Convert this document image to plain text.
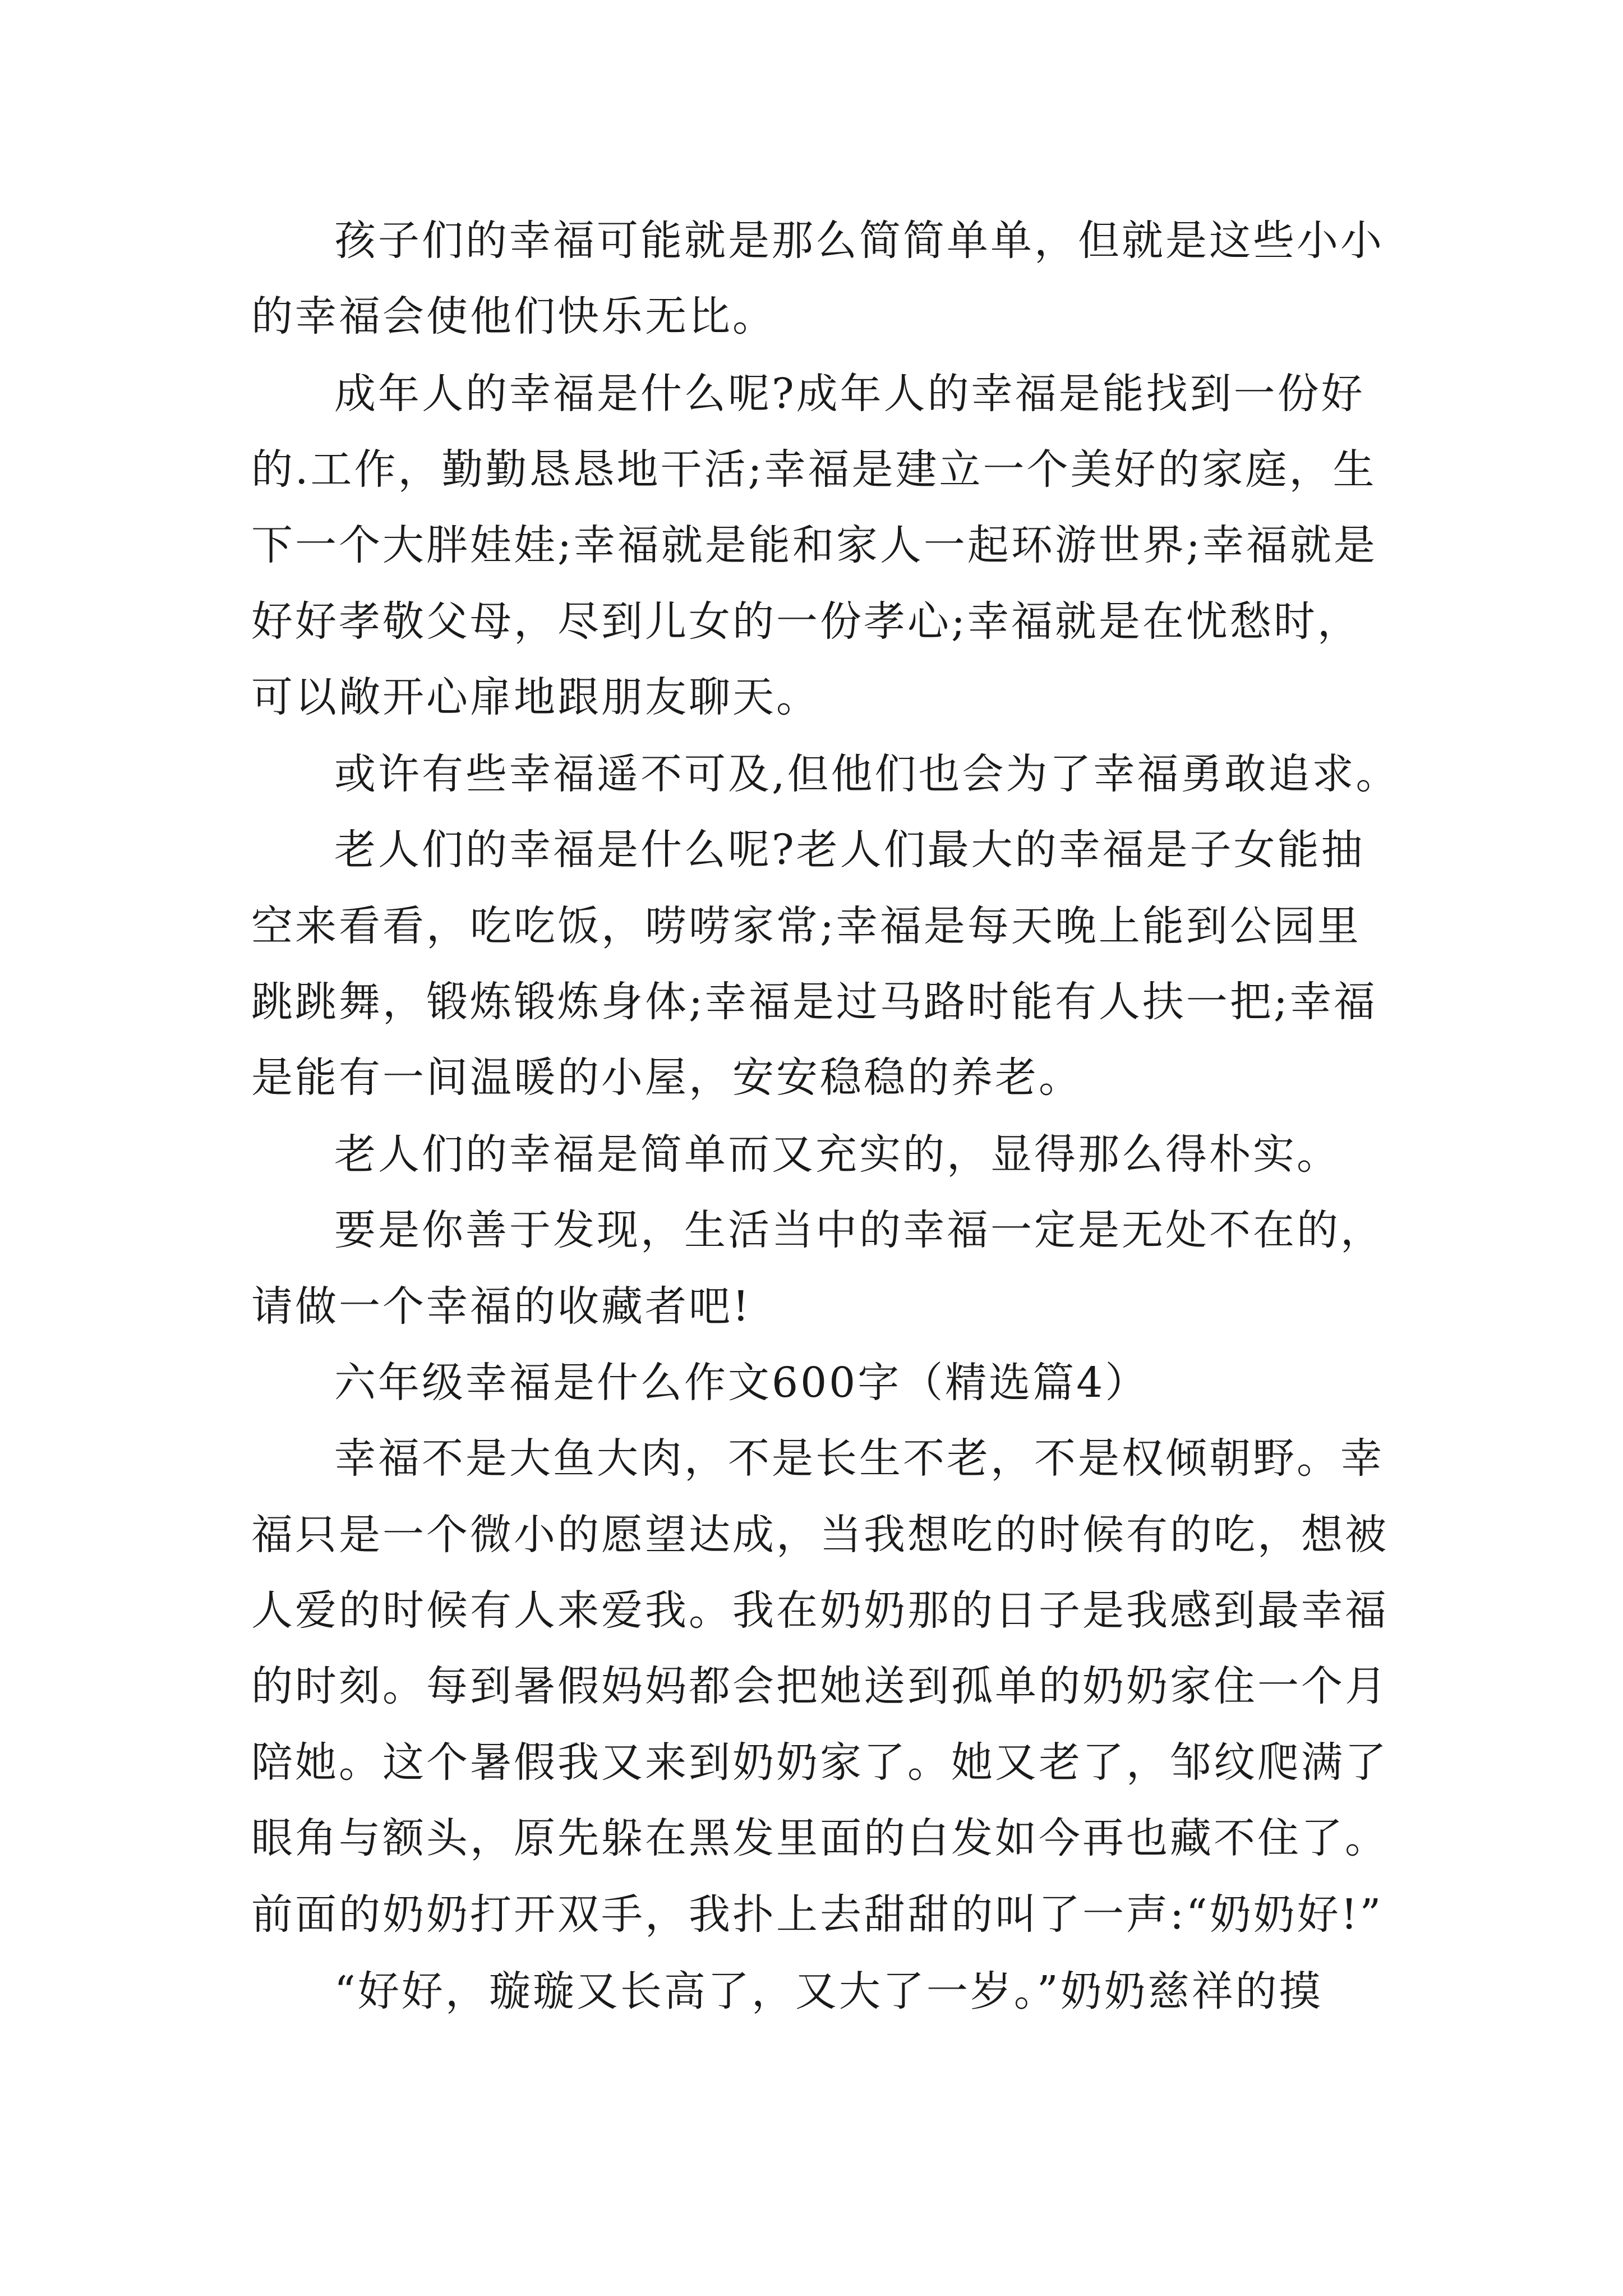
孩子们的幸福可能就是那么简简单单，但就是这些小小
的幸福会使他们快乐无比。
成年人的幸福是什么呢?成年人的幸福是能找到一份好
的.工作，勤勤恳恳地干活;幸福是建立一个美好的家庭，生
下一个大胖娃娃;幸福就是能和家人一起环游世界;幸福就是
好好孝敬父母，尽到儿女的一份孝心;幸福就是在忧愁时，
可以敞开心扉地跟朋友聊天。
或许有些幸福遥不可及,但他们也会为了幸福勇敢追求。
老人们的幸福是什么呢?老人们最大的幸福是子女能抽
空来看看，吃吃饭，唠唠家常;幸福是每天晚上能到公园里
跳跳舞，锻炼锻炼身体;幸福是过马路时能有人扶一把;幸福
是能有一间温暖的小屋，安安稳稳的养老。
老人们的幸福是简单而又充实的，显得那么得朴实。
要是你善于发现，生活当中的幸福一定是无处不在的，
请做一个幸福的收藏者吧!
六年级幸福是什么作文600字（精选篇4）
幸福不是大鱼大肉，不是长生不老，不是权倾朝野。幸
福只是一个微小的愿望达成，当我想吃的时候有的吃，想被
人爱的时候有人来爱我。我在奶奶那的日子是我感到最幸福
的时刻。每到暑假妈妈都会把她送到孤单的奶奶家住一个月
陪她。这个暑假我又来到奶奶家了。她又老了，邹纹爬满了
眼角与额头，原先躲在黑发里面的白发如今再也藏不住了。
前面的奶奶打开双手，我扑上去甜甜的叫了一声:“奶奶好!”
“好好，璇璇又长高了，又大了一岁。”奶奶慈祥的摸
